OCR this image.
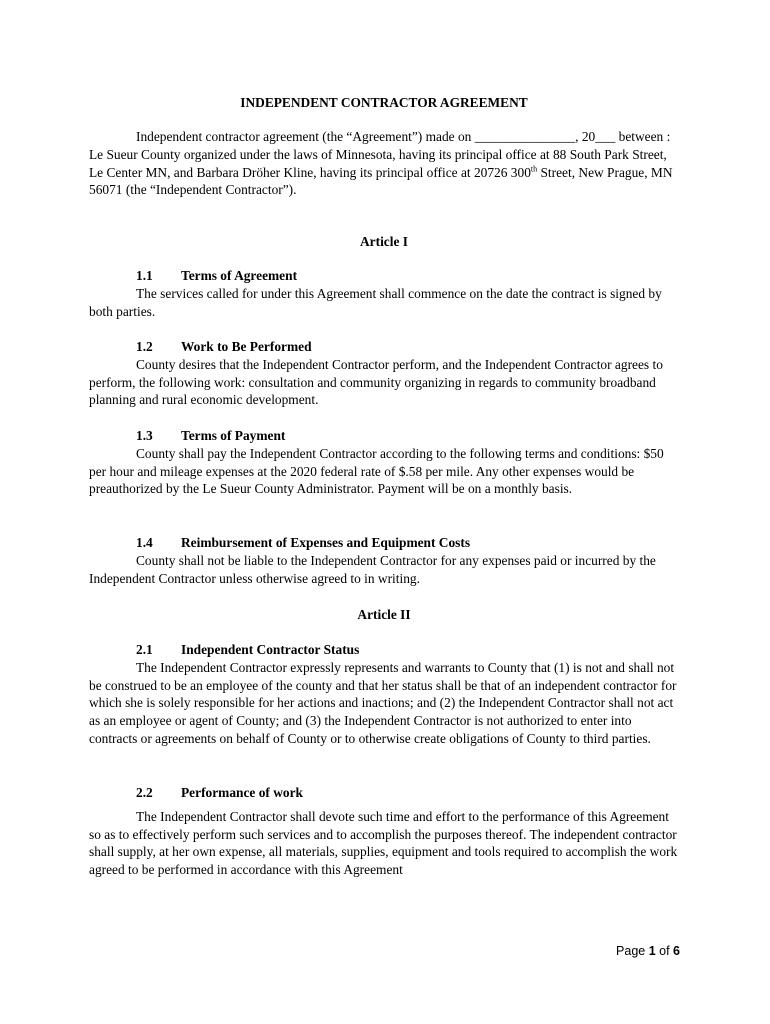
INDEPENDENT CONTRACTOR AGREEMENT
Independent contractor agreement (the “Agreement”) made on _______________, 20___ between : Le Sueur County organized under the laws of Minnesota, having its principal office at 88 South Park Street, Le Center MN, and Barbara Dröher Kline, having its principal office at 20726 300th Street, New Prague, MN 56071 (the “Independent Contractor”).
Article I
1.1 Terms of Agreement
The services called for under this Agreement shall commence on the date the contract is signed by both parties.
1.2 Work to Be Performed
County desires that the Independent Contractor perform, and the Independent Contractor agrees to perform, the following work: consultation and community organizing in regards to community broadband planning and rural economic development.
1.3 Terms of Payment
County shall pay the Independent Contractor according to the following terms and conditions: $50 per hour and mileage expenses at the 2020 federal rate of $.58 per mile. Any other expenses would be preauthorized by the Le Sueur County Administrator. Payment will be on a monthly basis.
1.4 Reimbursement of Expenses and Equipment Costs
County shall not be liable to the Independent Contractor for any expenses paid or incurred by the Independent Contractor unless otherwise agreed to in writing.
Article II
2.1 Independent Contractor Status
The Independent Contractor expressly represents and warrants to County that (1) is not and shall not be construed to be an employee of the county and that her status shall be that of an independent contractor for which she is solely responsible for her actions and inactions; and (2) the Independent Contractor shall not act as an employee or agent of County; and (3) the Independent Contractor is not authorized to enter into contracts or agreements on behalf of County or to otherwise create obligations of County to third parties.
2.2 Performance of work
The Independent Contractor shall devote such time and effort to the performance of this Agreement so as to effectively perform such services and to accomplish the purposes thereof. The independent contractor shall supply, at her own expense, all materials, supplies, equipment and tools required to accomplish the work agreed to be performed in accordance with this Agreement
Page 1 of 6
